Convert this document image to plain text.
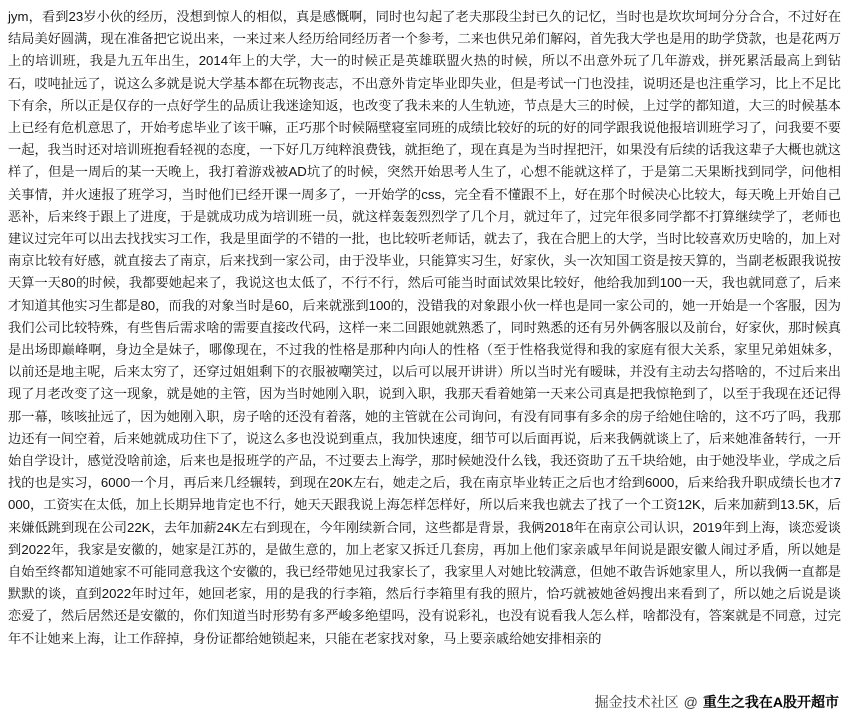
jym，看到23岁小伙的经历，没想到惊人的相似，真是感慨啊，同时也勾起了老夫那段尘封已久的记忆，当时也是坎坎坷坷分分合合，不过好在结局美好圆满，现在准备把它说出来，一来过来人经历给同经历者一个参考，二来也供兄弟们解闷，首先我大学也是用的助学贷款，也是花两万上的培训班，我是九五年出生，2014年上的大学，大一的时候正是英雄联盟火热的时候，所以不出意外玩了几年游戏，拼死累活最高上到钻石，哎吨扯远了，说这么多就是说大学基本都在玩物丧志，不出意外肯定毕业即失业，但是考试一门也没挂，说明还是也注重学习，比上不足比下有余，所以正是仅存的一点好学生的品质让我迷途知返，也改变了我未来的人生轨迹，节点是大三的时候，上过学的都知道，大三的时候基本上已经有危机意思了，开始考虑毕业了该干嘛，正巧那个时候隔壁寝室同班的成绩比较好的玩的好的同学跟我说他报培训班学习了，问我要不要一起，我当时还对培训班抱看轻视的态度，一下好几万纯粹浪费钱，就拒绝了，现在真是为当时捏把汗，如果没有后续的话我这辈子大概也就这样了，但是一周后的某一天晚上，我打着游戏被AD坑了的时候，突然开始思考人生了，心想不能就这样了，于是第二天果断找到同学，问他相关事情，并火速报了班学习，当时他们已经开课一周多了，一开始学的css，完全看不懂跟不上，好在那个时候决心比较大，每天晚上开始自己恶补，后来终于跟上了进度，于是就成功成为培训班一员，就这样轰轰烈烈学了几个月，就过年了，过完年很多同学都不打算继续学了，老师也建议过完年可以出去找找实习工作，我是里面学的不错的一批，也比较听老师话，就去了，我在合肥上的大学，当时比较喜欢历史啥的，加上对南京比较有好感，就直接去了南京，后来找到一家公司，由于没毕业，只能算实习生，好家伙，头一次知国工资是按天算的，当副老板跟我说按天算一天80的时候，我都要她起来了，我说这也太低了，不行不行，然后可能当时面试效果比较好，他给我加到100一天，我也就同意了，后来才知道其他实习生都是80，而我的对象当时是60，后来就涨到100的，没错我的对象跟小伙一样也是同一家公司的，她一开始是一个客服，因为我们公司比较特殊，有些售后需求啥的需要直接改代码，这样一来二回跟她就熟悉了，同时熟悉的还有另外俩客服以及前台，好家伙，那时候真是出场即巅峰啊，身边全是妹子，哪像现在，不过我的性格是那种内向i人的性格（至于性格我觉得和我的家庭有很大关系，家里兄弟姐妹多，以前还是地主呢，后来太穷了，还穿过姐姐剩下的衣服被嘲笑过，以后可以展开讲讲）所以当时光有暧昧，并没有主动去勾搭啥的，不过后来出现了月老改变了这一现象，就是她的主管，因为当时她刚入职，说到入职，我那天看着她第一天来公司真是把我惊艳到了，以至于我现在还记得那一幕，咳咳扯远了，因为她刚入职，房子啥的还没有着落，她的主管就在公司询问，有没有同事有多余的房子给她住啥的，这不巧了吗，我那边还有一间空着，后来她就成功住下了，说这么多也没说到重点，我加快速度，细节可以后面再说，后来我俩就谈上了，后来她准备转行，一开始自学设计，感觉没啥前途，后来也是报班学的产品，不过要去上海学，那时候她没什么钱，我还资助了五千块给她，由于她没毕业，学成之后找的也是实习，6000一个月，再后来几经辗转，到现在20K左右，她走之后，我在南京毕业转正之后也才给到6000，后来给我升职成绩长也才7000，工资实在太低，加上长期异地肯定也不行，她天天跟我说上海怎样怎样好，所以后来我也就去了找了一个工资12K，后来加薪到13.5K，后来嫌低跳到现在公司22K，去年加薪24K左右到现在，今年刚续新合同，这些都是背景，我俩2018年在南京公司认识，2019年到上海，谈恋爱谈到2022年，我家是安徽的，她家是江苏的，是做生意的，加上老家又拆迁几套房，再加上他们家亲戚早年间说是跟安徽人闹过矛盾，所以她是自始至终都知道她家不可能同意我这个安徽的，我已经带她见过我家长了，我家里人对她比较满意，但她不敢告诉她家里人，所以我俩一直都是默默的谈，直到2022年时过年，她回老家，用的是我的行李箱，然后行李箱里有我的照片，恰巧就被她爸妈搜出来看到了，所以她之后说是谈恋爱了，然后居然还是安徽的，你们知道当时形势有多严峻多绝望吗，没有说彩礼，也没有说看我人怎么样，啥都没有，答案就是不同意，过完年不让她来上海，让工作辞掉，身份证都给她锁起来，只能在老家找对象，马上要亲戚给她安排相亲的

掘金技术社区 @ 重生之我在A股开超市
